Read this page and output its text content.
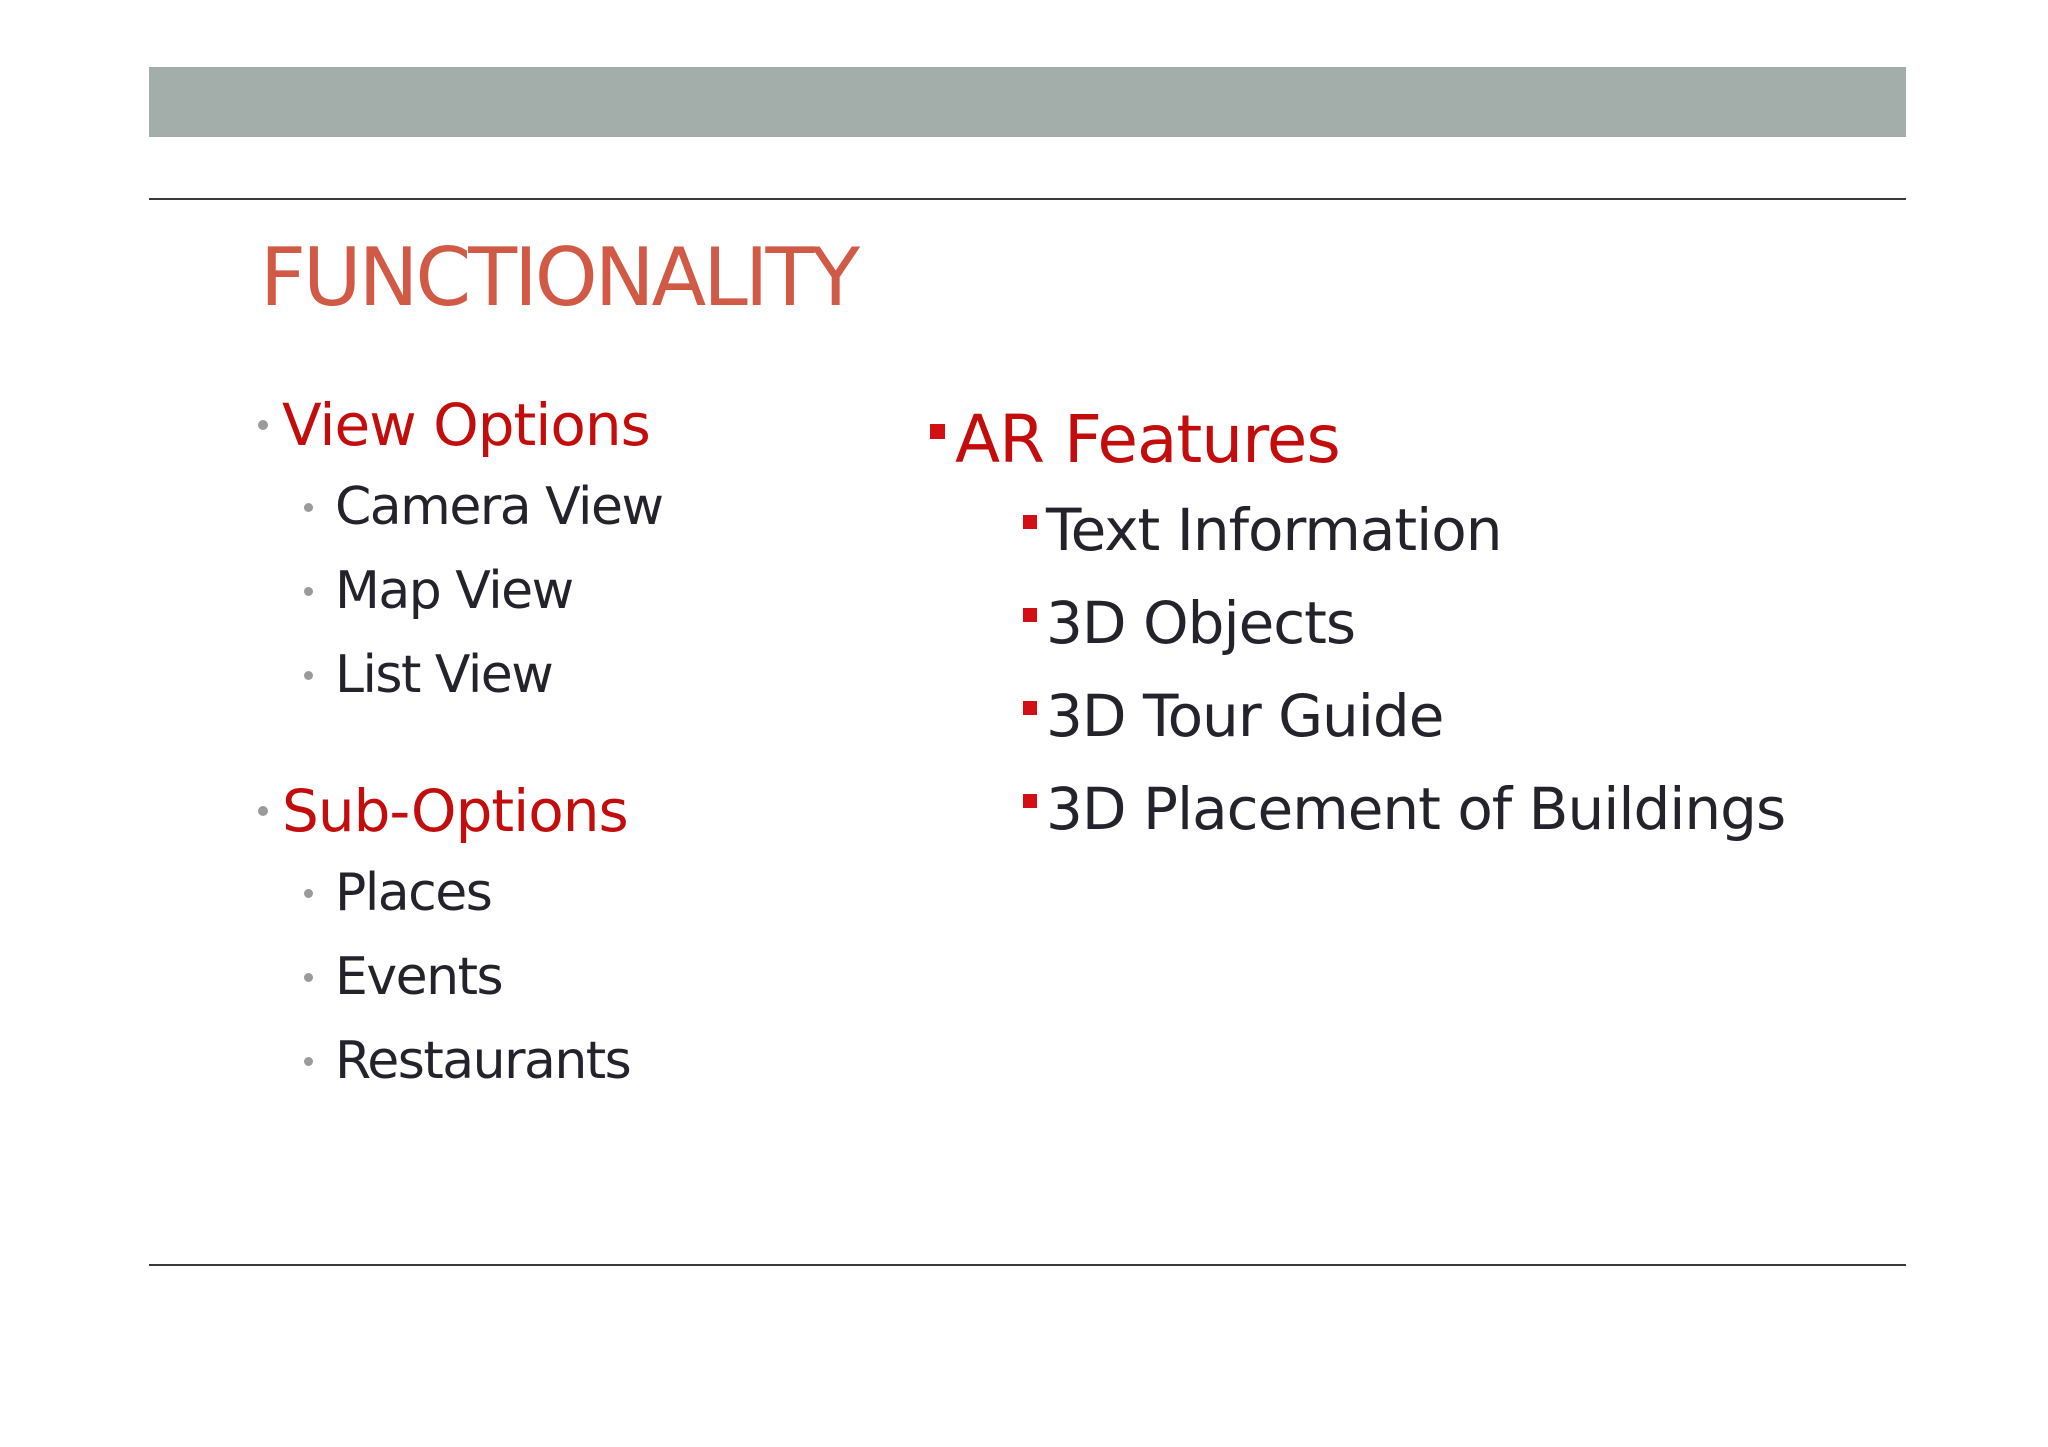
FUNCTIONALITY
View Options
Camera View
Map View
List View
Sub-Options
Places
Events
Restaurants
AR Features
Text Information
3D Objects
3D Tour Guide
3D Placement of Buildings
